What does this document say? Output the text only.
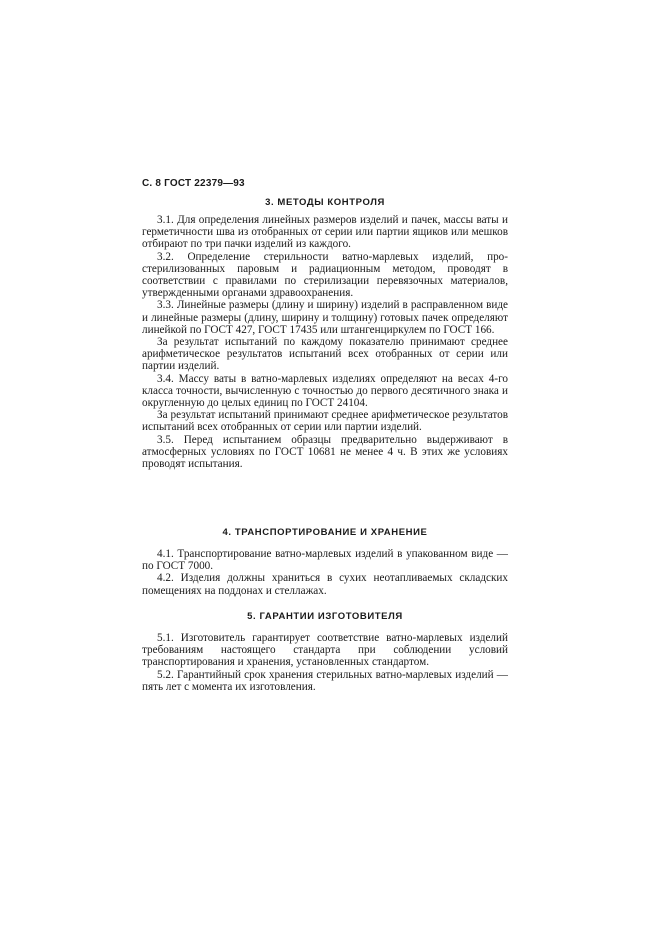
С. 8 ГОСТ 22379—93

3. МЕТОДЫ КОНТРОЛЯ

3.1. Для определения линейных размеров изделий и пачек, массы ваты и герметичности шва из отобранных от серии или партии ящиков или мешков отбирают по три пачки изделий из каждого.

3.2. Определение стерильности ватно-марлевых изделий, простерилизованных паровым и радиационным методом, проводят в соответствии с правилами по стерилизации перевязочных материалов, утвержденными органами здравоохранения.

3.3. Линейные размеры (длину и ширину) изделий в расправленном виде и линейные размеры (длину, ширину и толщину) готовых пачек определяют линейкой по ГОСТ 427, ГОСТ 17435 или штангенциркулем по ГОСТ 166.

За результат испытаний по каждому показателю принимают среднее арифметическое результатов испытаний всех отобранных от серии или партии изделий.

3.4. Массу ваты в ватно-марлевых изделиях определяют на весах 4-го класса точности, вычисленную с точностью до первого десятичного знака и округленную до целых единиц по ГОСТ 24104.

За результат испытаний принимают среднее арифметическое результатов испытаний всех отобранных от серии или партии изделий.

3.5. Перед испытанием образцы предварительно выдерживают в атмосферных условиях по ГОСТ 10681 не менее 4 ч. В этих же условиях проводят испытания.

4. ТРАНСПОРТИРОВАНИЕ И ХРАНЕНИЕ

4.1. Транспортирование ватно-марлевых изделий в упакованном виде — по ГОСТ 7000.

4.2. Изделия должны храниться в сухих неотапливаемых складских помещениях на поддонах и стеллажах.

5. ГАРАНТИИ ИЗГОТОВИТЕЛЯ

5.1. Изготовитель гарантирует соответствие ватно-марлевых изделий требованиям настоящего стандарта при соблюдении условий транспортирования и хранения, установленных стандартом.

5.2. Гарантийный срок хранения стерильных ватно-марлевых изделий — пять лет с момента их изготовления.
